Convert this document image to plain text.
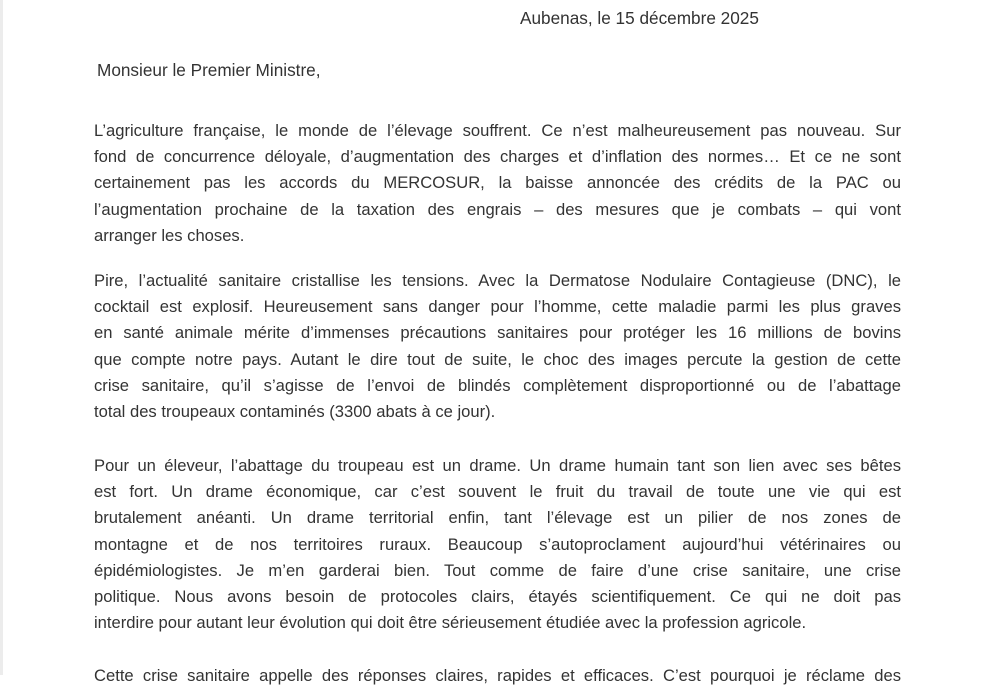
Aubenas, le 15 décembre 2025
Monsieur le Premier Ministre,
L’agriculture française, le monde de l’élevage souffrent. Ce n’est malheureusement pas nouveau. Sur
fond de concurrence déloyale, d’augmentation des charges et d’inflation des normes… Et ce ne sont
certainement pas les accords du MERCOSUR, la baisse annoncée des crédits de la PAC ou
l’augmentation prochaine de la taxation des engrais – des mesures que je combats – qui vont
arranger les choses.
Pire, l’actualité sanitaire cristallise les tensions. Avec la Dermatose Nodulaire Contagieuse (DNC), le
cocktail est explosif. Heureusement sans danger pour l’homme, cette maladie parmi les plus graves
en santé animale mérite d’immenses précautions sanitaires pour protéger les 16 millions de bovins
que compte notre pays. Autant le dire tout de suite, le choc des images percute la gestion de cette
crise sanitaire, qu’il s’agisse de l’envoi de blindés complètement disproportionné ou de l’abattage
total des troupeaux contaminés (3300 abats à ce jour).
Pour un éleveur, l’abattage du troupeau est un drame. Un drame humain tant son lien avec ses bêtes
est fort. Un drame économique, car c’est souvent le fruit du travail de toute une vie qui est
brutalement anéanti. Un drame territorial enfin, tant l’élevage est un pilier de nos zones de
montagne et de nos territoires ruraux. Beaucoup s’autoproclament aujourd’hui vétérinaires ou
épidémiologistes. Je m’en garderai bien. Tout comme de faire d’une crise sanitaire, une crise
politique. Nous avons besoin de protocoles clairs, étayés scientifiquement. Ce qui ne doit pas
interdire pour autant leur évolution qui doit être sérieusement étudiée avec la profession agricole.
Cette crise sanitaire appelle des réponses claires, rapides et efficaces. C’est pourquoi je réclame des
